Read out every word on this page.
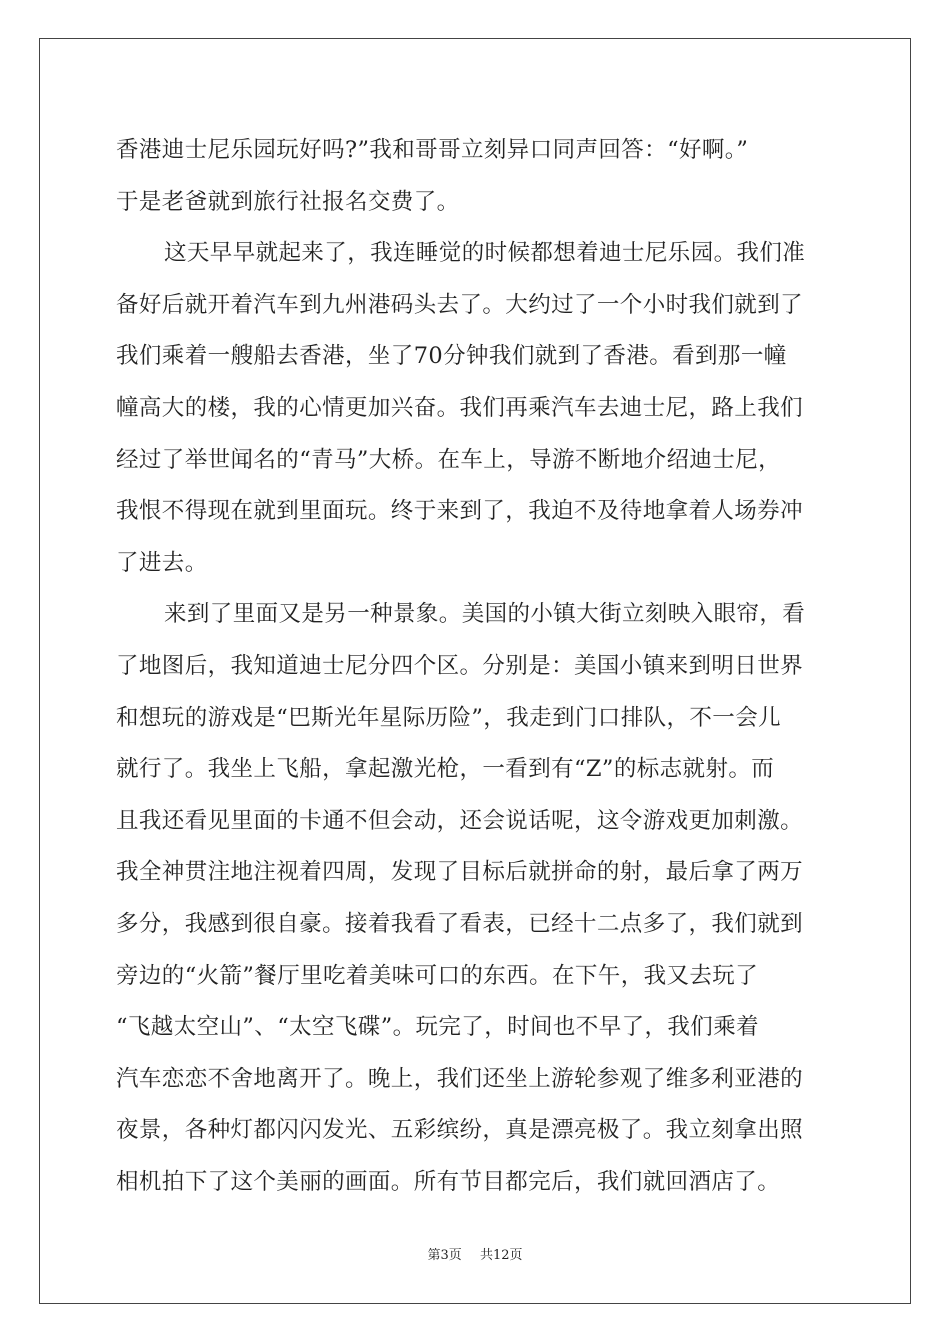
香港迪士尼乐园玩好吗?”我和哥哥立刻异口同声回答：“好啊。”
于是老爸就到旅行社报名交费了。
这天早早就起来了，我连睡觉的时候都想着迪士尼乐园。我们准
备好后就开着汽车到九州港码头去了。大约过了一个小时我们就到了
我们乘着一艘船去香港，坐了70分钟我们就到了香港。看到那一幢
幢高大的楼，我的心情更加兴奋。我们再乘汽车去迪士尼，路上我们
经过了举世闻名的“青马”大桥。在车上，导游不断地介绍迪士尼，
我恨不得现在就到里面玩。终于来到了，我迫不及待地拿着人场券冲
了进去。
来到了里面又是另一种景象。美国的小镇大街立刻映入眼帘，看
了地图后，我知道迪士尼分四个区。分别是：美国小镇来到明日世界
和想玩的游戏是“巴斯光年星际历险”，我走到门口排队，不一会儿
就行了。我坐上飞船，拿起激光枪，一看到有“Z”的标志就射。而
且我还看见里面的卡通不但会动，还会说话呢，这令游戏更加刺激。
我全神贯注地注视着四周，发现了目标后就拼命的射，最后拿了两万
多分，我感到很自豪。接着我看了看表，已经十二点多了，我们就到
旁边的“火箭”餐厅里吃着美味可口的东西。在下午，我又去玩了
“飞越太空山”、“太空飞碟”。玩完了，时间也不早了，我们乘着
汽车恋恋不舍地离开了。晚上，我们还坐上游轮参观了维多利亚港的
夜景，各种灯都闪闪发光、五彩缤纷，真是漂亮极了。我立刻拿出照
相机拍下了这个美丽的画面。所有节目都完后，我们就回酒店了。
第3页 共12页
